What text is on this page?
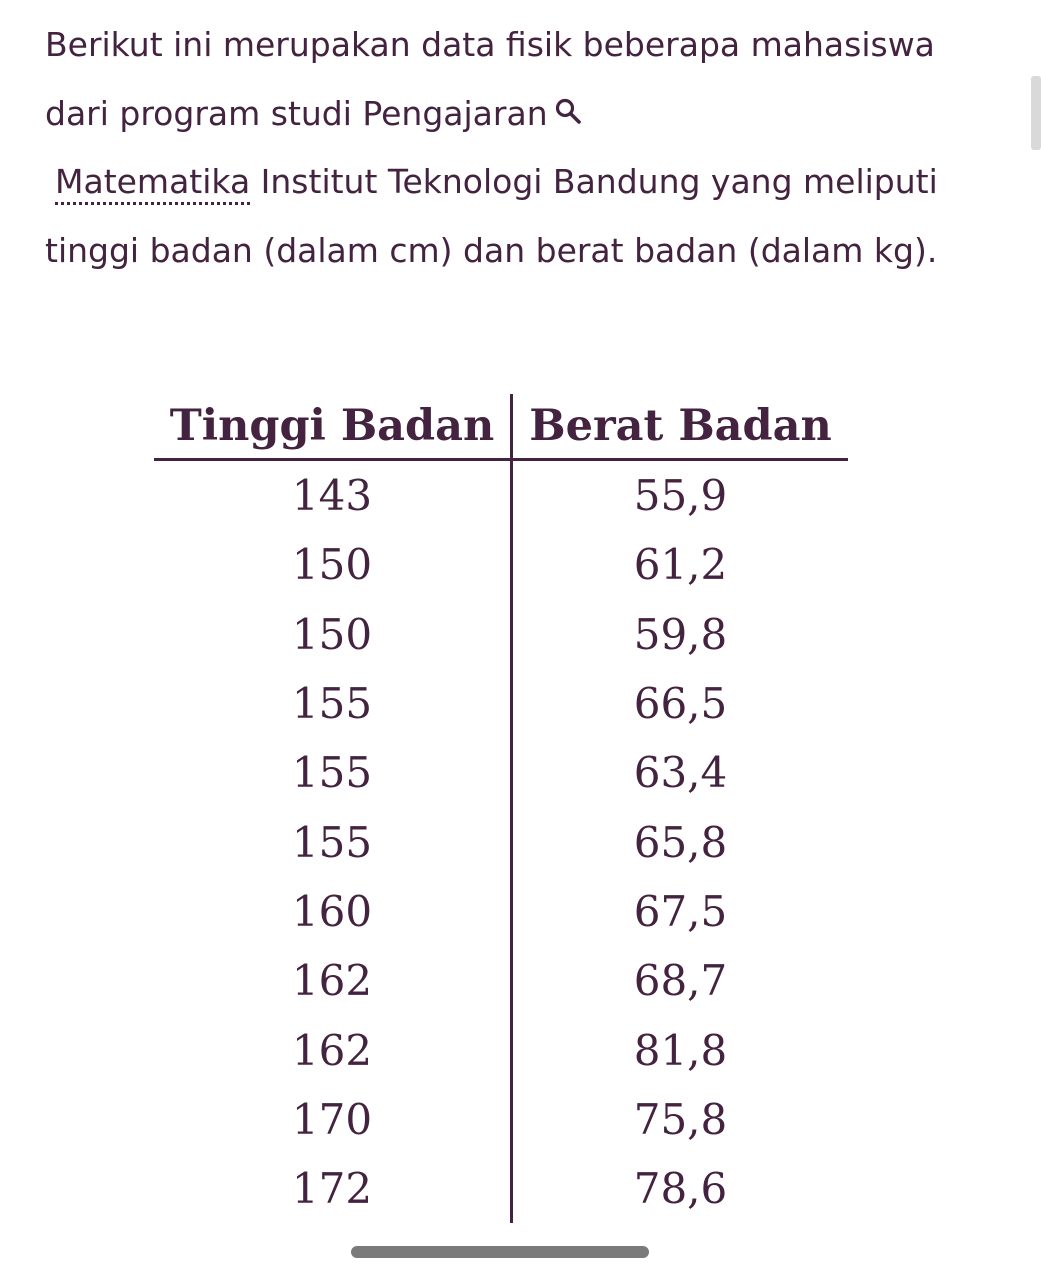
Berikut ini merupakan data fisik beberapa mahasiswa dari program studi Pengajaran
Matematika Institut Teknologi Bandung yang meliputi tinggi badan (dalam cm) dan berat badan (dalam kg).
Tinggi Badan	Berat Badan
143	55,9
150	61,2
150	59,8
155	66,5
155	63,4
155	65,8
160	67,5
162	68,7
162	81,8
170	75,8
172	78,6
